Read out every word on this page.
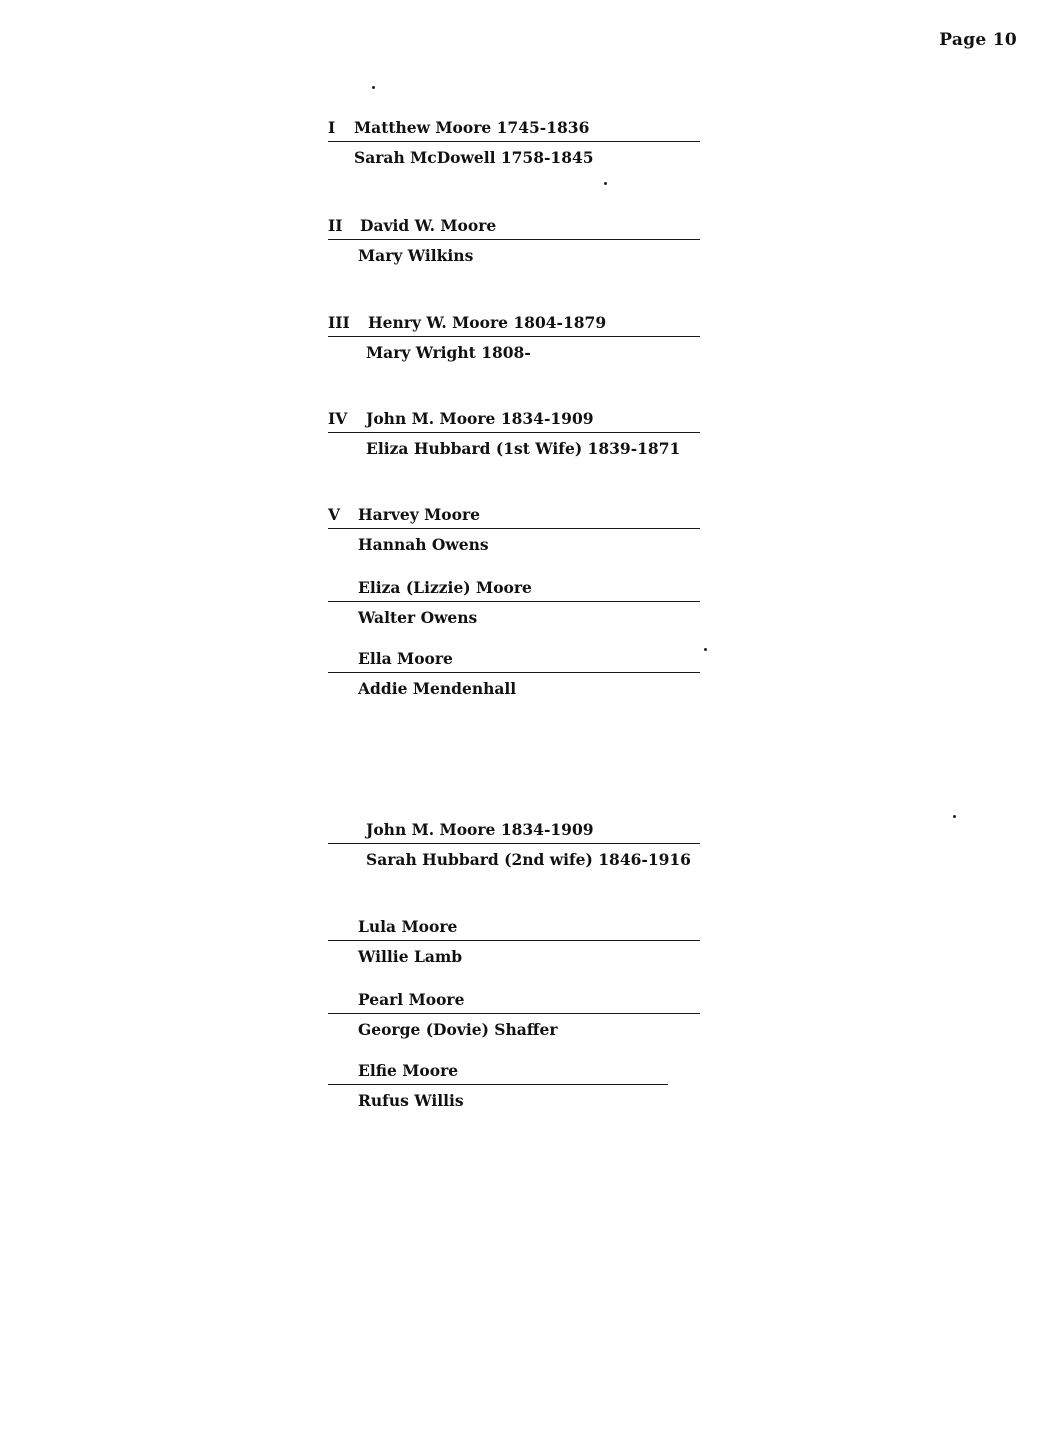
Page 10
I Matthew Moore 1745-1836
Sarah McDowell 1758-1845
II David W. Moore
Mary Wilkins
III Henry W. Moore 1804-1879
Mary Wright 1808-
IV John M. Moore 1834-1909
Eliza Hubbard (1st Wife) 1839-1871
V Harvey Moore
Hannah Owens
Eliza (Lizzie) Moore
Walter Owens
Ella Moore
Addie Mendenhall
John M. Moore 1834-1909
Sarah Hubbard (2nd wife) 1846-1916
Lula Moore
Willie Lamb
Pearl Moore
George (Dovie) Shaffer
Elfie Moore
Rufus Willis
